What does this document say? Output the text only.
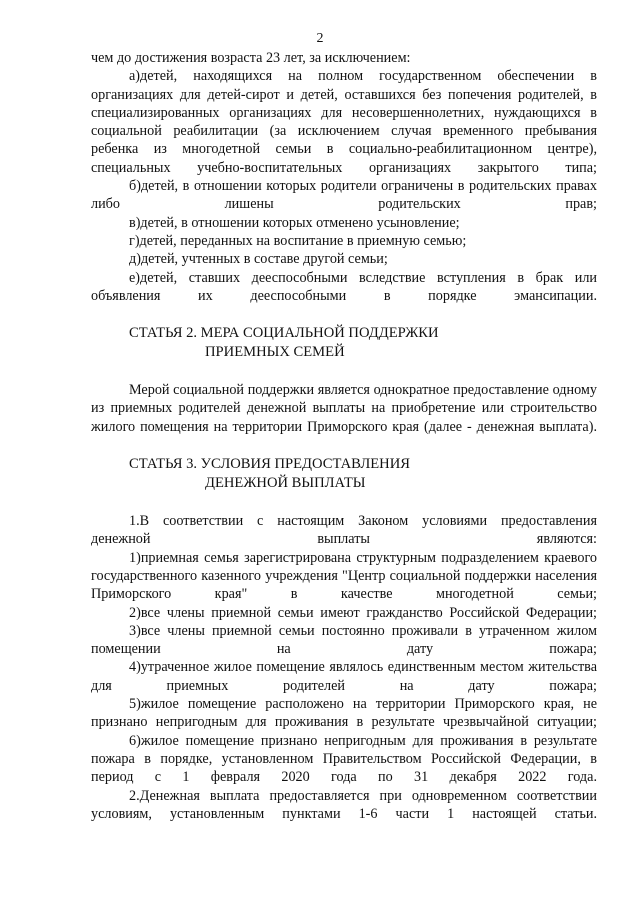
2

чем до достижения возраста 23 лет, за исключением:

а)детей, находящихся на полном государственном обеспечении в организациях для детей-сирот и детей, оставшихся без попечения родителей, в специализированных организациях для несовершеннолетних, нуждающихся в социальной реабилитации (за исключением случая временного пребывания ребенка из многодетной семьи в социально-реабилитационном центре), специальных учебно-воспитательных организациях закрытого типа;

б)детей, в отношении которых родители ограничены в родительских правах либо лишены родительских прав;

в)детей, в отношении которых отменено усыновление;

г)детей, переданных на воспитание в приемную семью;

д)детей, учтенных в составе другой семьи;

е)детей, ставших дееспособными вследствие вступления в брак или объявления их дееспособными в порядке эмансипации.

СТАТЬЯ 2. МЕРА СОЦИАЛЬНОЙ ПОДДЕРЖКИ
ПРИЕМНЫХ СЕМЕЙ

Мерой социальной поддержки является однократное предоставление одному из приемных родителей денежной выплаты на приобретение или строительство жилого помещения на территории Приморского края (далее - денежная выплата).

СТАТЬЯ 3. УСЛОВИЯ ПРЕДОСТАВЛЕНИЯ
ДЕНЕЖНОЙ ВЫПЛАТЫ

1.В соответствии с настоящим Законом условиями предоставления денежной выплаты являются:

1)приемная семья зарегистрирована структурным подразделением краевого государственного казенного учреждения "Центр социальной поддержки населения Приморского края" в качестве многодетной семьи;

2)все члены приемной семьи имеют гражданство Российской Федерации;

3)все члены приемной семьи постоянно проживали в утраченном жилом помещении на дату пожара;

4)утраченное жилое помещение являлось единственным местом жительства для приемных родителей на дату пожара;

5)жилое помещение расположено на территории Приморского края, не признано непригодным для проживания в результате чрезвычайной ситуации;

6)жилое помещение признано непригодным для проживания в результате пожара в порядке, установленном Правительством Российской Федерации, в период с 1 февраля 2020 года по 31 декабря 2022 года.

2.Денежная выплата предоставляется при одновременном соответствии условиям, установленным пунктами 1-6 части 1 настоящей статьи.
